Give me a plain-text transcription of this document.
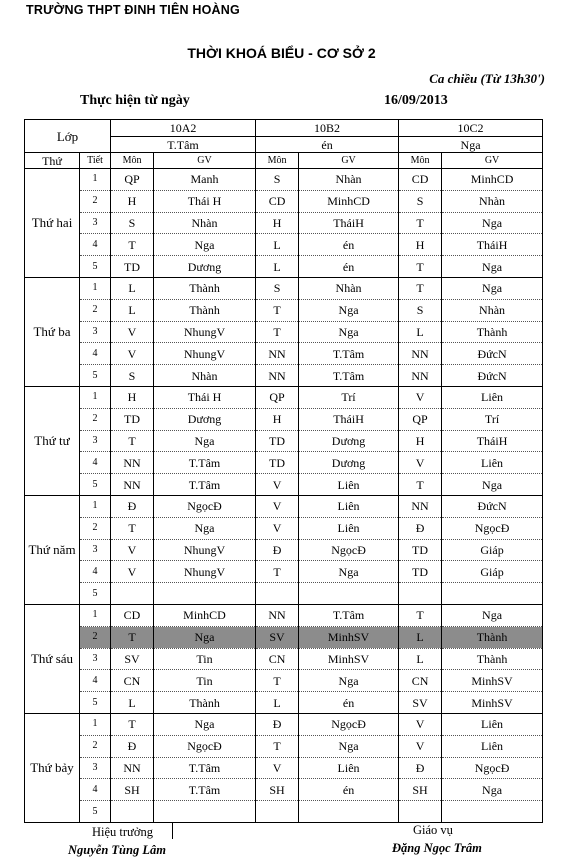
TRƯỜNG THPT ĐINH TIÊN HOÀNG
THỜI KHOÁ BIỂU - CƠ SỞ 2
Ca chiều (Từ 13h30')
Thực hiện từ ngày	16/09/2013
Lớp		10A2		10B2		10C2	
		T.Tâm		én		Nga	
Thứ	Tiết	Môn	GV	Môn	GV	Môn	GV
Thứ hai	1	QP	Manh	S	Nhàn	CD	MinhCD
	2	H	Thái H	CD	MinhCD	S	Nhàn
	3	S	Nhàn	H	TháiH	T	Nga
	4	T	Nga	L	én	H	TháiH
	5	TD	Dương	L	én	T	Nga
Thứ ba	1	L	Thành	S	Nhàn	T	Nga
	2	L	Thành	T	Nga	S	Nhàn
	3	V	NhungV	T	Nga	L	Thành
	4	V	NhungV	NN	T.Tâm	NN	ĐứcN
	5	S	Nhàn	NN	T.Tâm	NN	ĐứcN
Thứ tư	1	H	Thái H	QP	Trí	V	Liên
	2	TD	Dương	H	TháiH	QP	Trí
	3	T	Nga	TD	Dương	H	TháiH
	4	NN	T.Tâm	TD	Dương	V	Liên
	5	NN	T.Tâm	V	Liên	T	Nga
Thứ năm	1	Đ	NgọcĐ	V	Liên	NN	ĐứcN
	2	T	Nga	V	Liên	Đ	NgọcĐ
	3	V	NhungV	Đ	NgọcĐ	TD	Giáp
	4	V	NhungV	T	Nga	TD	Giáp
	5						
Thứ sáu	1	CD	MinhCD	NN	T.Tâm	T	Nga
	2	T	Nga	SV	MinhSV	L	Thành
	3	SV	Tin	CN	MinhSV	L	Thành
	4	CN	Tin	T	Nga	CN	MinhSV
	5	L	Thành	L	én	SV	MinhSV
Thứ bảy	1	T	Nga	Đ	NgọcĐ	V	Liên
	2	Đ	NgọcĐ	T	Nga	V	Liên
	3	NN	T.Tâm	V	Liên	Đ	NgọcĐ
	4	SH	T.Tâm	SH	én	SH	Nga
	5						
Hiệu trưởng
Nguyễn Tùng Lâm
Giáo vụ
Đặng Ngọc Trâm
